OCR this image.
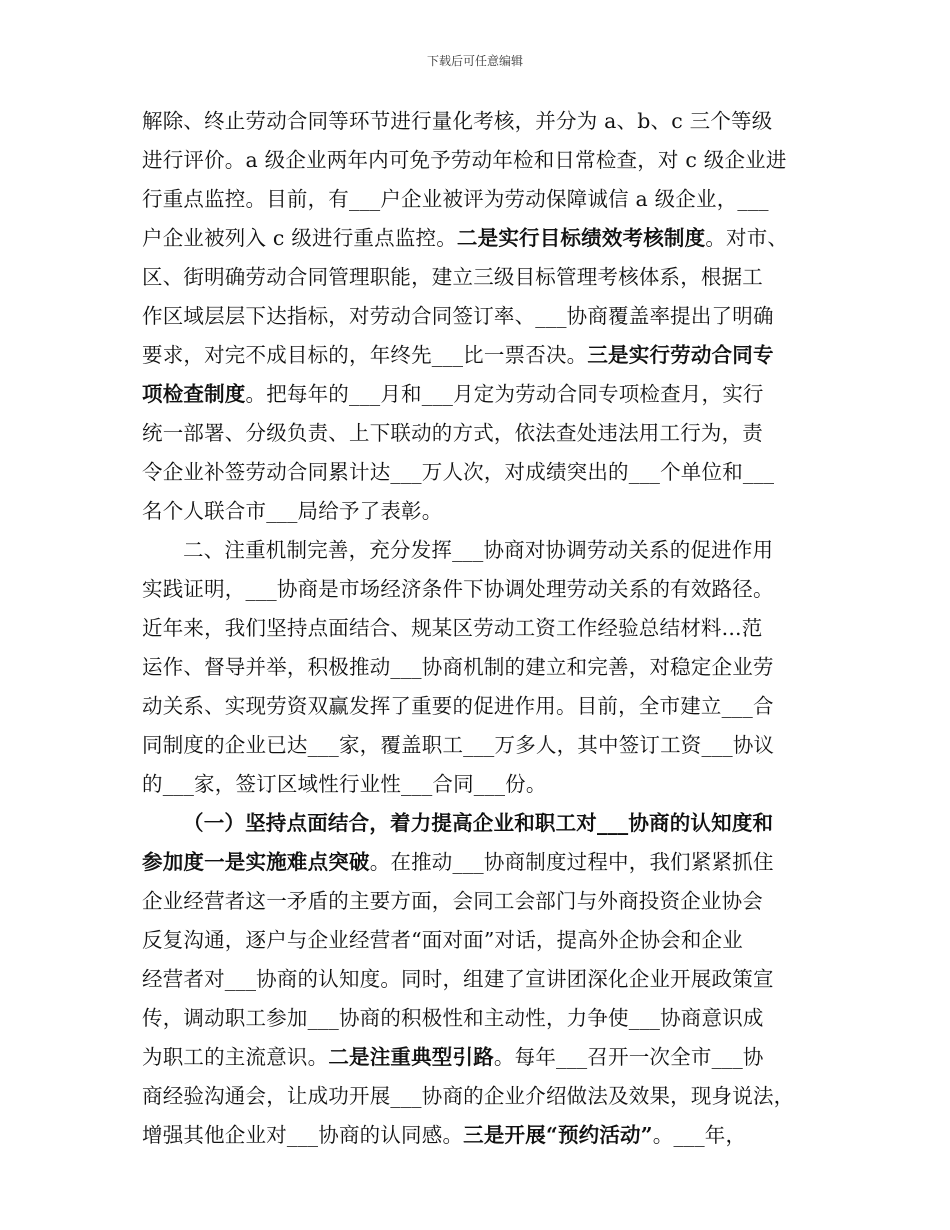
下载后可任意编辑
解除、终止劳动合同等环节进行量化考核，并分为 a、b、c 三个等级
进行评价。a 级企业两年内可免予劳动年检和日常检查，对 c 级企业进
行重点监控。目前，有___户企业被评为劳动保障诚信 a 级企业，___
户企业被列入 c 级进行重点监控。二是实行目标绩效考核制度。对市、
区、街明确劳动合同管理职能，建立三级目标管理考核体系，根据工
作区域层层下达指标，对劳动合同签订率、___协商覆盖率提出了明确
要求，对完不成目标的，年终先___比一票否决。三是实行劳动合同专
项检查制度。把每年的___月和___月定为劳动合同专项检查月，实行
统一部署、分级负责、上下联动的方式，依法查处违法用工行为，责
令企业补签劳动合同累计达___万人次，对成绩突出的___个单位和___
名个人联合市___局给予了表彰。
二、注重机制完善，充分发挥___协商对协调劳动关系的促进作用
实践证明，___协商是市场经济条件下协调处理劳动关系的有效路径。
近年来，我们坚持点面结合、规某区劳动工资工作经验总结材料...范
运作、督导并举，积极推动___协商机制的建立和完善，对稳定企业劳
动关系、实现劳资双赢发挥了重要的促进作用。目前，全市建立___合
同制度的企业已达___家，覆盖职工___万多人，其中签订工资___协议
的___家，签订区域性行业性___合同___份。
（一）坚持点面结合，着力提高企业和职工对___协商的认知度和
参加度一是实施难点突破。在推动___协商制度过程中，我们紧紧抓住
企业经营者这一矛盾的主要方面，会同工会部门与外商投资企业协会
反复沟通，逐户与企业经营者“面对面”对话，提高外企协会和企业
经营者对___协商的认知度。同时，组建了宣讲团深化企业开展政策宣
传，调动职工参加___协商的积极性和主动性，力争使___协商意识成
为职工的主流意识。二是注重典型引路。每年___召开一次全市___协
商经验沟通会，让成功开展___协商的企业介绍做法及效果，现身说法，
增强其他企业对___协商的认同感。三是开展“预约活动”。___年，
